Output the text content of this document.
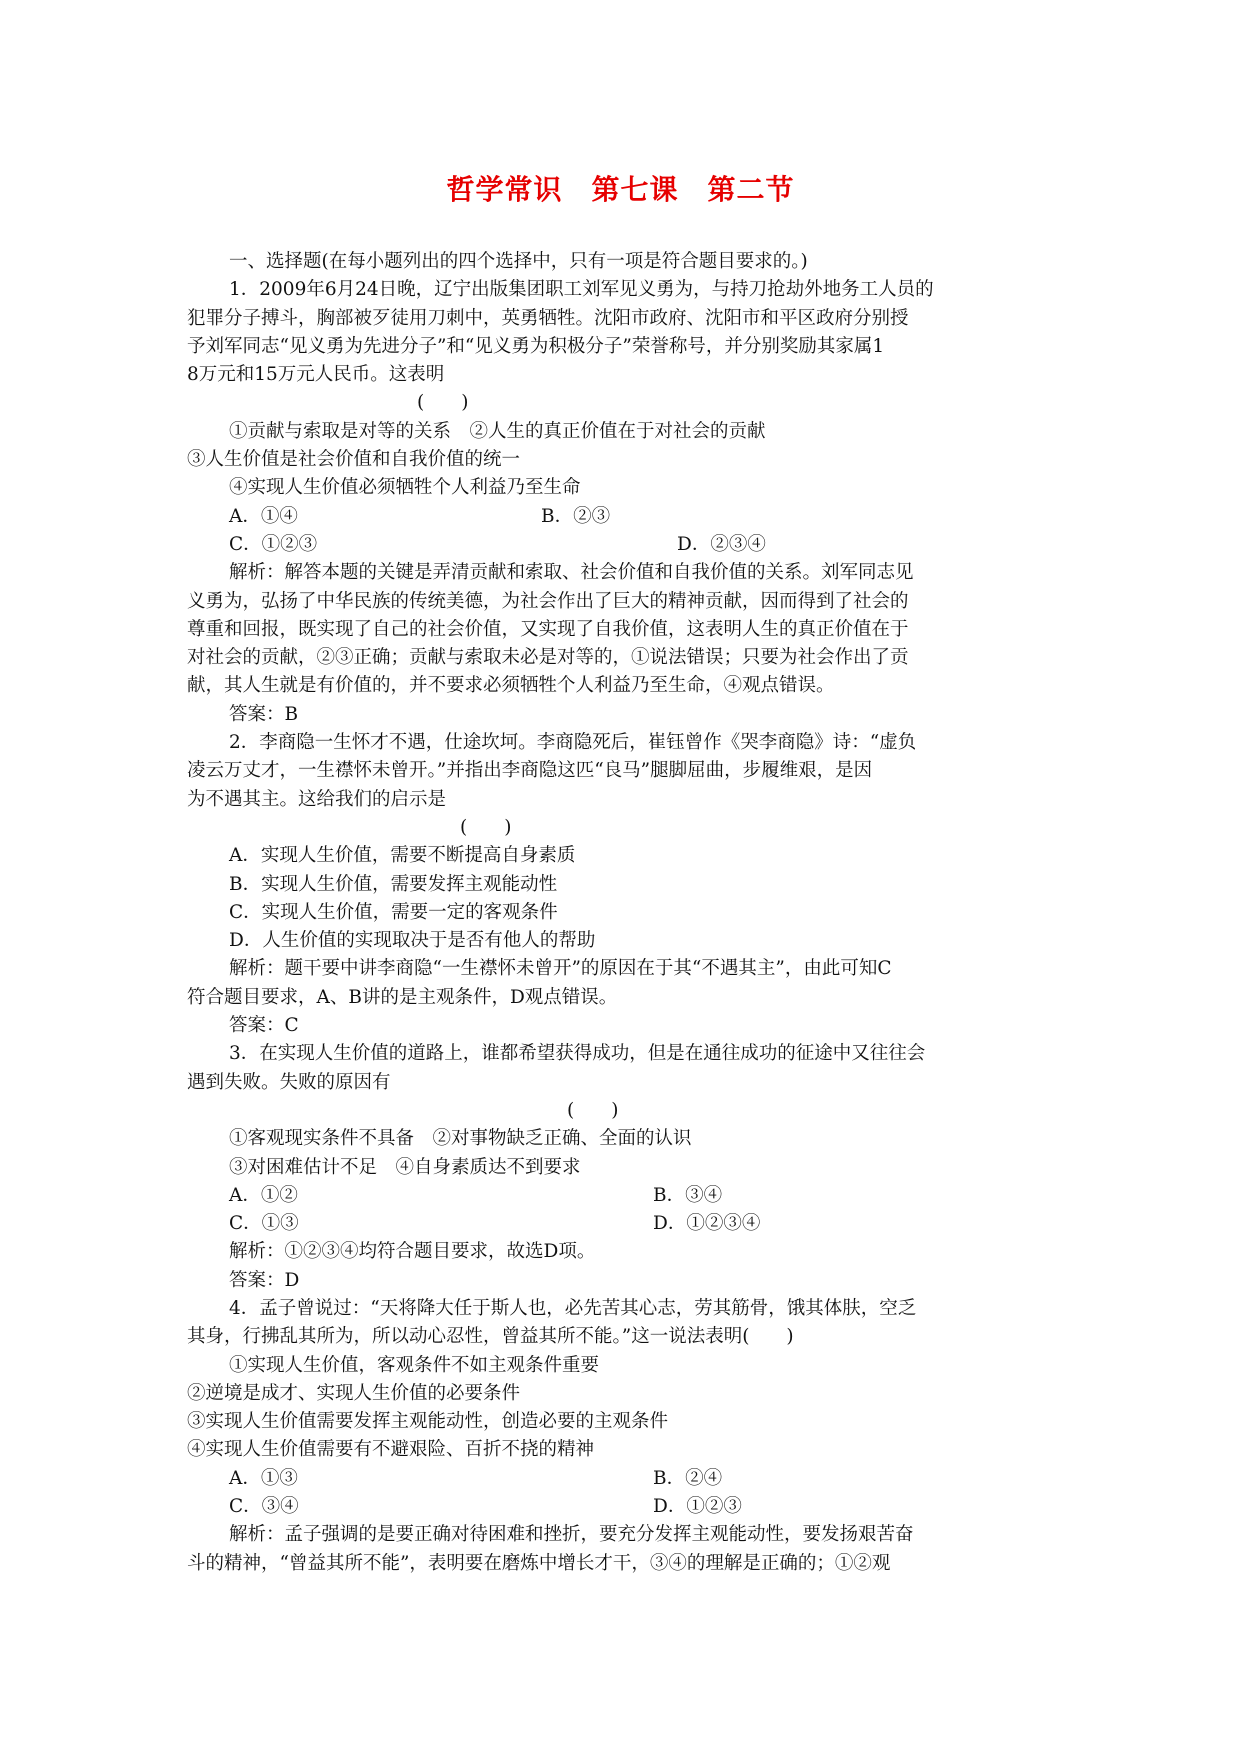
哲学常识　第七课　第二节

一、选择题(在每小题列出的四个选择中，只有一项是符合题目要求的。)

1．2009年6月24日晚，辽宁出版集团职工刘军见义勇为，与持刀抢劫外地务工人员的

犯罪分子搏斗，胸部被歹徒用刀刺中，英勇牺牲。沈阳市政府、沈阳市和平区政府分别授

予刘军同志“见义勇为先进分子”和“见义勇为积极分子”荣誉称号，并分别奖励其家属1

8万元和15万元人民币。这表明

(　　)

①贡献与索取是对等的关系　②人生的真正价值在于对社会的贡献

③人生价值是社会价值和自我价值的统一

④实现人生价值必须牺牲个人利益乃至生命

A．①④	B．②③

C．①②③	D．②③④

解析：解答本题的关键是弄清贡献和索取、社会价值和自我价值的关系。刘军同志见

义勇为，弘扬了中华民族的传统美德，为社会作出了巨大的精神贡献，因而得到了社会的

尊重和回报，既实现了自己的社会价值，又实现了自我价值，这表明人生的真正价值在于

对社会的贡献，②③正确；贡献与索取未必是对等的，①说法错误；只要为社会作出了贡

献，其人生就是有价值的，并不要求必须牺牲个人利益乃至生命，④观点错误。

答案：B

2．李商隐一生怀才不遇，仕途坎坷。李商隐死后，崔钰曾作《哭李商隐》诗：“虚负

凌云万丈才，一生襟怀未曾开。”并指出李商隐这匹“良马”腿脚屈曲，步履维艰，是因

为不遇其主。这给我们的启示是

(　　)

A．实现人生价值，需要不断提高自身素质

B．实现人生价值，需要发挥主观能动性

C．实现人生价值，需要一定的客观条件

D．人生价值的实现取决于是否有他人的帮助

解析：题干要中讲李商隐“一生襟怀未曾开”的原因在于其“不遇其主”，由此可知C

符合题目要求，A、B讲的是主观条件，D观点错误。

答案：C

3．在实现人生价值的道路上，谁都希望获得成功，但是在通往成功的征途中又往往会

遇到失败。失败的原因有

(　　)

①客观现实条件不具备　②对事物缺乏正确、全面的认识

③对困难估计不足　④自身素质达不到要求

A．①②	B．③④

C．①③	D．①②③④

解析：①②③④均符合题目要求，故选D项。

答案：D

4．孟子曾说过：“天将降大任于斯人也，必先苦其心志，劳其筋骨，饿其体肤，空乏

其身，行拂乱其所为，所以动心忍性，曾益其所不能。”这一说法表明(　　)

①实现人生价值，客观条件不如主观条件重要

②逆境是成才、实现人生价值的必要条件

③实现人生价值需要发挥主观能动性，创造必要的主观条件

④实现人生价值需要有不避艰险、百折不挠的精神

A．①③	B．②④

C．③④	D．①②③

解析：孟子强调的是要正确对待困难和挫折，要充分发挥主观能动性，要发扬艰苦奋

斗的精神，“曾益其所不能”，表明要在磨炼中增长才干，③④的理解是正确的；①②观
